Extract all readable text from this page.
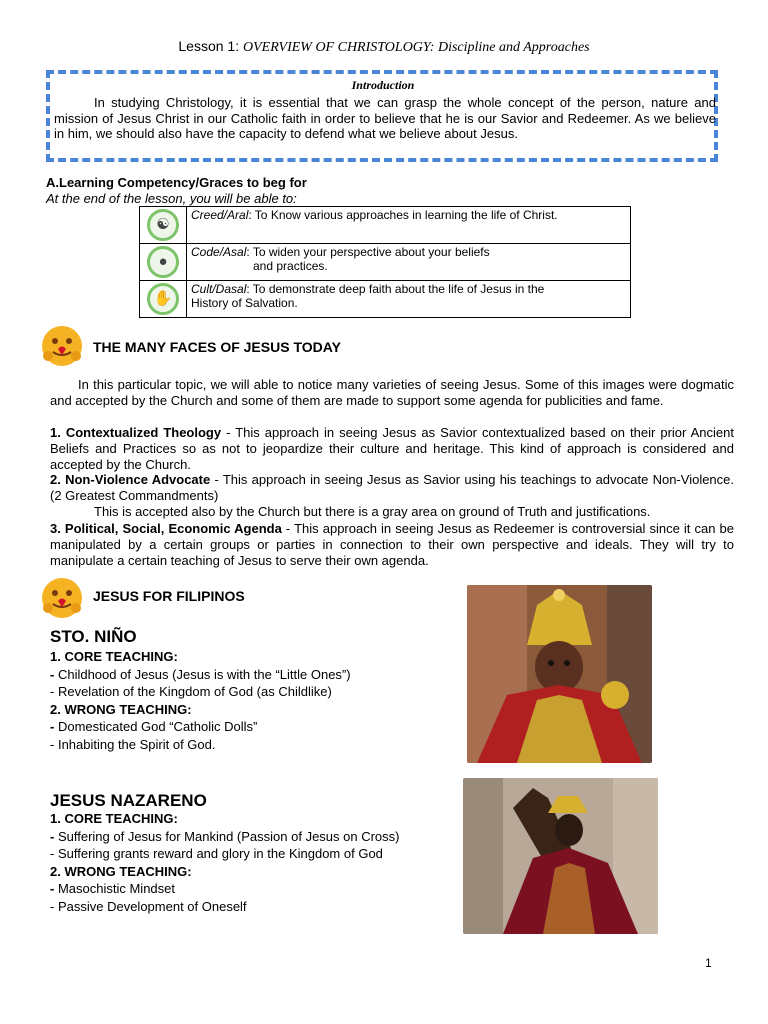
Lesson 1: OVERVIEW OF CHRISTOLOGY: Discipline and Approaches
Introduction
In studying Christology, it is essential that we can grasp the whole concept of the person, nature and mission of Jesus Christ in our Catholic faith in order to believe that he is our Savior and Redeemer. As we believe in him, we should also have the capacity to defend what we believe about Jesus.
A.Learning Competency/Graces to beg for
At the end of the lesson, you will be able to:
☯	Creed/Aral: To Know various approaches in learning the life of Christ.

●	Code/Asal: To widen your perspective about your beliefs
and practices.

✋	Cult/Dasal: To demonstrate deep faith about the life of Jesus in the
History of Salvation.
THE MANY FACES OF JESUS TODAY
In this particular topic, we will able to notice many varieties of seeing Jesus. Some of this images were dogmatic and accepted by the Church and some of them are made to support some agenda for publicities and fame.
1. Contextualized Theology - This approach in seeing Jesus as Savior contextualized based on their prior Ancient Beliefs and Practices so as not to jeopardize their culture and heritage. This kind of approach is considered and accepted by the Church.
2. Non-Violence Advocate - This approach in seeing Jesus as Savior using his teachings to advocate Non-Violence. (2 Greatest Commandments)
This is accepted also by the Church but there is a gray area on ground of Truth and justifications.
3. Political, Social, Economic Agenda - This approach in seeing Jesus as Redeemer is controversial since it can be manipulated by a certain groups or parties in connection to their own perspective and ideals. They will try to manipulate a certain teaching of Jesus to serve their own agenda.
JESUS FOR FILIPINOS
STO. NIÑO
1. CORE TEACHING:
- Childhood of Jesus (Jesus is with the “Little Ones”)
- Revelation of the Kingdom of God (as Childlike)
2. WRONG TEACHING:
- Domesticated God “Catholic Dolls”
- Inhabiting the Spirit of God.
JESUS NAZARENO
1. CORE TEACHING:
- Suffering of Jesus for Mankind (Passion of Jesus on Cross)
- Suffering grants reward and glory in the Kingdom of God
2. WRONG TEACHING:
- Masochistic Mindset
- Passive Development of Oneself
1
